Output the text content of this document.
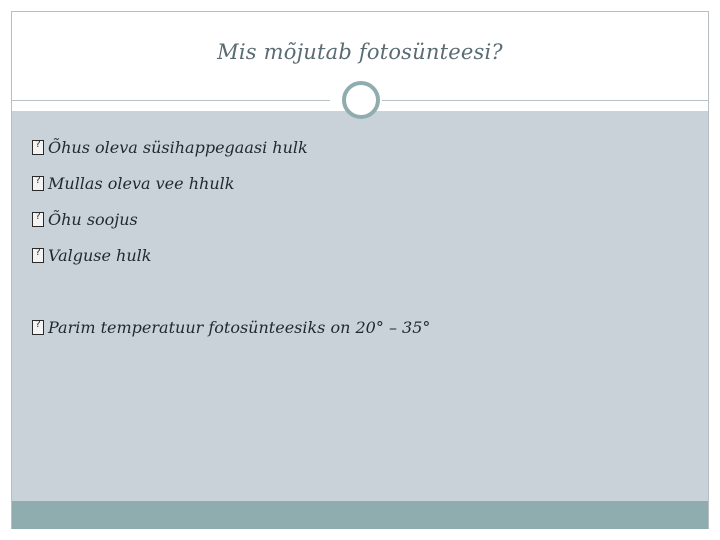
Mis mõjutab fotosünteesi?
?
Õhus oleva süsihappegaasi hulk
?
Mullas oleva vee hhulk
?
Õhu soojus
?
Valguse hulk
?
Parim temperatuur fotosünteesiks on 20° – 35°
